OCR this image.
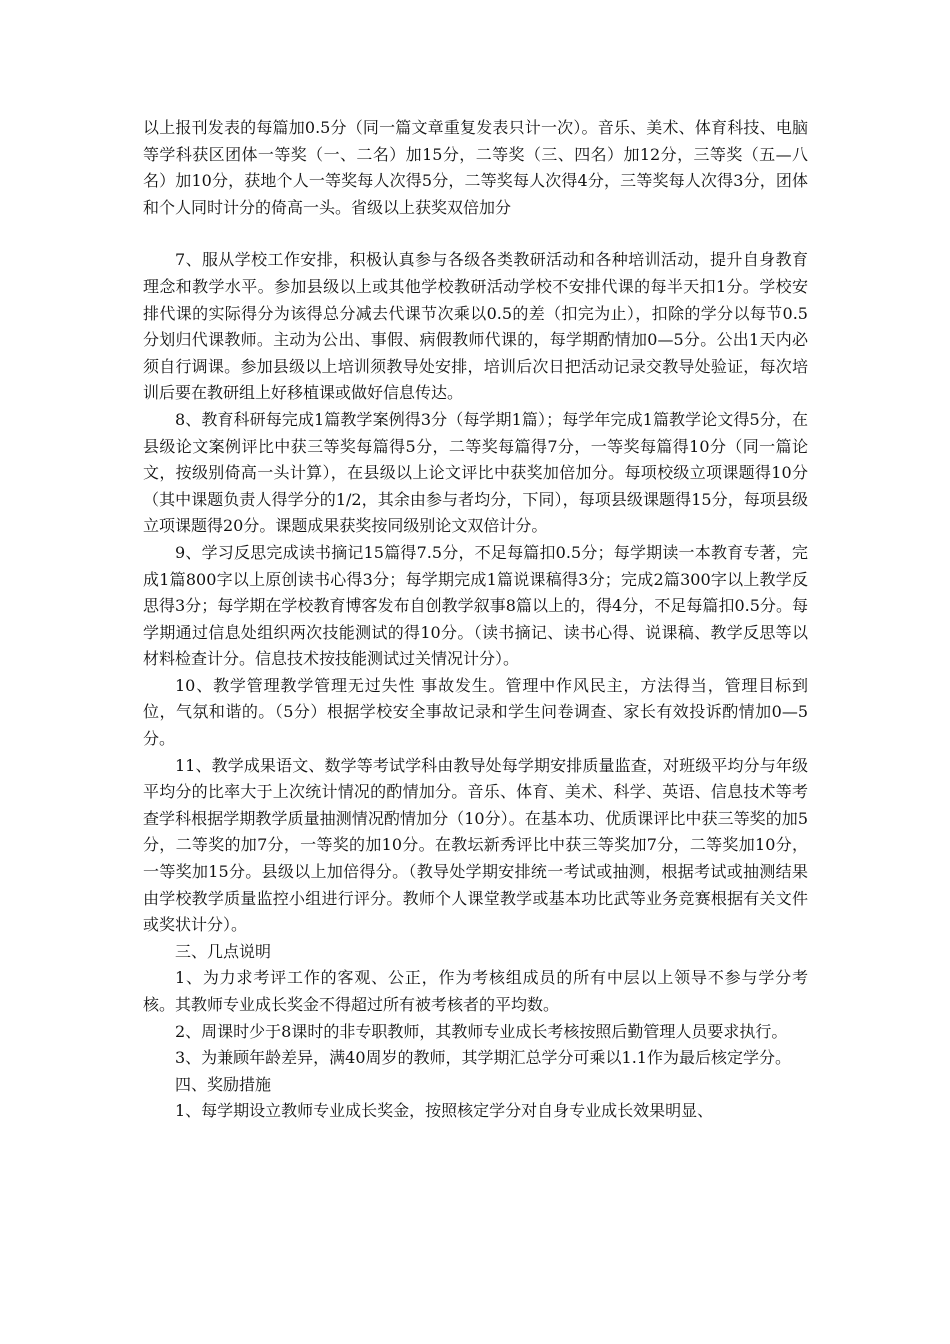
以上报刊发表的每篇加0.5分（同一篇文章重复发表只计一次）。音乐、美术、体育科技、电脑等学科获区团体一等奖（一、二名）加15分，二等奖（三、四名）加12分，三等奖（五—八名）加10分，获地个人一等奖每人次得5分，二等奖每人次得4分，三等奖每人次得3分，团体和个人同时计分的倚高一头。省级以上获奖双倍加分

7、服从学校工作安排，积极认真参与各级各类教研活动和各种培训活动，提升自身教育理念和教学水平。参加县级以上或其他学校教研活动学校不安排代课的每半天扣1分。学校安排代课的实际得分为该得总分减去代课节次乘以0.5的差（扣完为止），扣除的学分以每节0.5分划归代课教师。主动为公出、事假、病假教师代课的，每学期酌情加0—5分。公出1天内必须自行调课。参加县级以上培训须教导处安排，培训后次日把活动记录交教导处验证，每次培训后要在教研组上好移植课或做好信息传达。

8、教育科研每完成1篇教学案例得3分（每学期1篇）；每学年完成1篇教学论文得5分，在县级论文案例评比中获三等奖每篇得5分，二等奖每篇得7分，一等奖每篇得10分（同一篇论文，按级别倚高一头计算），在县级以上论文评比中获奖加倍加分。每项校级立项课题得10分（其中课题负责人得学分的1/2，其余由参与者均分，下同），每项县级课题得15分，每项县级立项课题得20分。课题成果获奖按同级别论文双倍计分。

9、学习反思完成读书摘记15篇得7.5分，不足每篇扣0.5分；每学期读一本教育专著，完成1篇800字以上原创读书心得3分；每学期完成1篇说课稿得3分；完成2篇300字以上教学反思得3分；每学期在学校教育博客发布自创教学叙事8篇以上的，得4分，不足每篇扣0.5分。每学期通过信息处组织两次技能测试的得10分。（读书摘记、读书心得、说课稿、教学反思等以材料检查计分。信息技术按技能测试过关情况计分）。

10、教学管理教学管理无过失性 事故发生。管理中作风民主，方法得当，管理目标到位，气氛和谐的。（5分）根据学校安全事故记录和学生问卷调查、家长有效投诉酌情加0—5分。

11、教学成果语文、数学等考试学科由教导处每学期安排质量监查，对班级平均分与年级平均分的比率大于上次统计情况的酌情加分。音乐、体育、美术、科学、英语、信息技术等考查学科根据学期教学质量抽测情况酌情加分（10分）。在基本功、优质课评比中获三等奖的加5分，二等奖的加7分，一等奖的加10分。在教坛新秀评比中获三等奖加7分，二等奖加10分，一等奖加15分。县级以上加倍得分。（教导处学期安排统一考试或抽测，根据考试或抽测结果由学校教学质量监控小组进行评分。教师个人课堂教学或基本功比武等业务竞赛根据有关文件或奖状计分）。

三、几点说明

1、为力求考评工作的客观、公正，作为考核组成员的所有中层以上领导不参与学分考核。其教师专业成长奖金不得超过所有被考核者的平均数。

2、周课时少于8课时的非专职教师，其教师专业成长考核按照后勤管理人员要求执行。

3、为兼顾年龄差异，满40周岁的教师，其学期汇总学分可乘以1.1作为最后核定学分。

四、奖励措施

1、每学期设立教师专业成长奖金，按照核定学分对自身专业成长效果明显、
